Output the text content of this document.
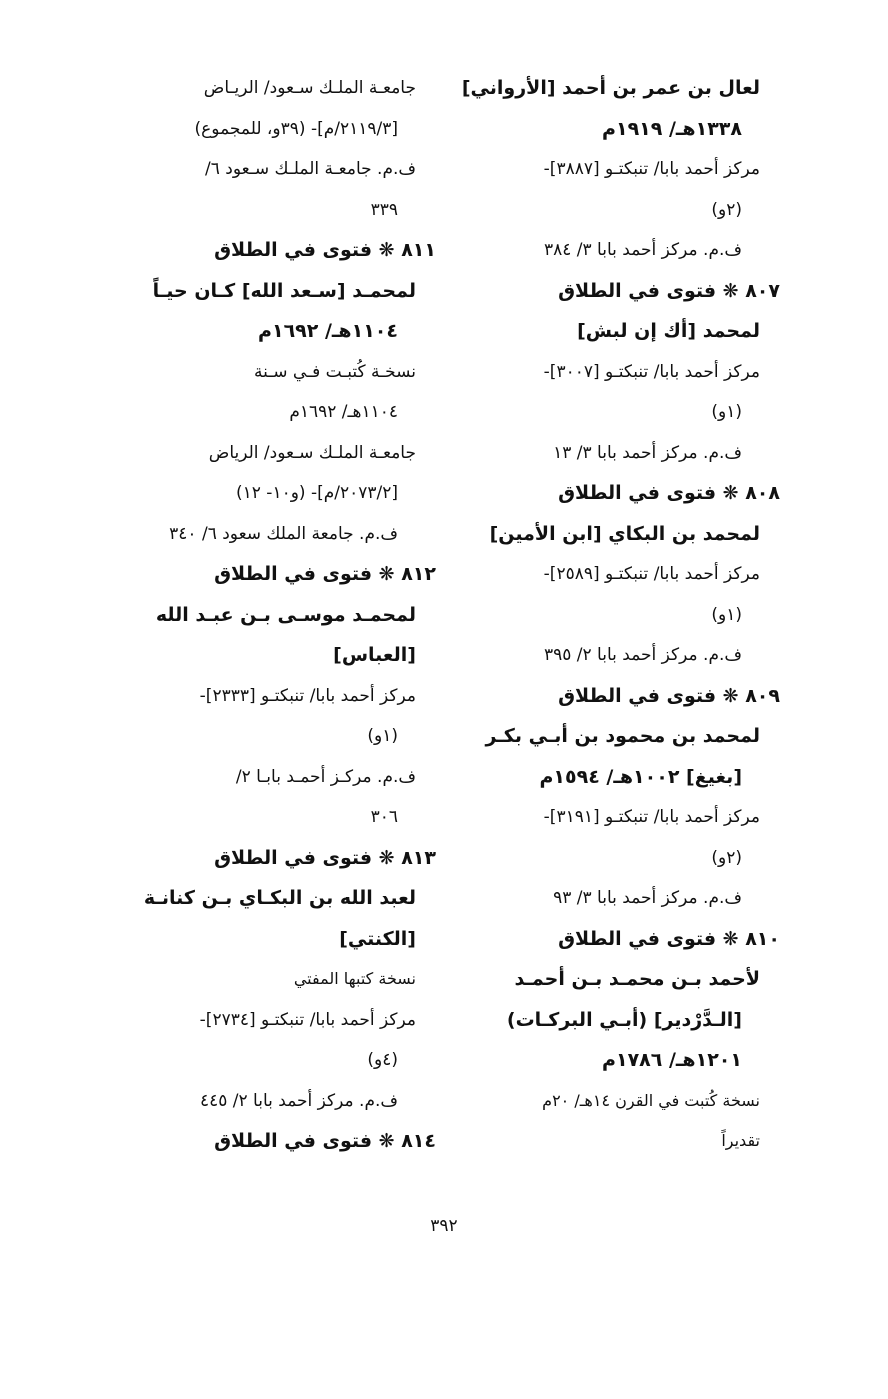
لعال بن عمر بن أحمد [الأرواني]
١٣٣٨هـ/ ١٩١٩م
مركز أحمد بابا/ تنبكتـو [٣٨٨٧]-
(٢و)
ف.م. مركز أحمد بابا ٣/ ٣٨٤
٨٠٧ ❋ فتوى في الطلاق
لمحمد [أك إن لبش]
مركز أحمد بابا/ تنبكتـو [٣٠٠٧]-
(١و)
ف.م. مركز أحمد بابا ٣/ ١٣
٨٠٨ ❋ فتوى في الطلاق
لمحمد بن البكاي [ابن الأمين]
مركز أحمد بابا/ تنبكتـو [٢٥٨٩]-
(١و)
ف.م. مركز أحمد بابا ٢/ ٣٩٥
٨٠٩ ❋ فتوى في الطلاق
لمحمد بن محمود بن أبـي بكـر
[بغيغ] ١٠٠٢هـ/ ١٥٩٤م
مركز أحمد بابا/ تنبكتـو [٣١٩١]-
(٢و)
ف.م. مركز أحمد بابا ٣/ ٩٣
٨١٠ ❋ فتوى في الطلاق
لأحمد بـن محمـد بـن أحمـد
[الـدَّرْدير] (أبـي البركـات)
١٢٠١هـ/ ١٧٨٦م
نسخة كُتبت في القرن ١٤هـ/ ٢٠م
تقديراً
جامعـة الملـك سـعود/ الريـاض
[٢١١٩/٣/م]- (٣٩و، للمجموع)
ف.م. جامعـة الملـك سـعود ٦/
٣٣٩
٨١١ ❋ فتوى في الطلاق
لمحمـد [سـعد الله] كـان حيـاً
١١٠٤هـ/ ١٦٩٢م
نسخـة كُتبـت فـي سـنة
١١٠٤هـ/ ١٦٩٢م
جامعـة الملـك سـعود/ الرياض
[٢٠٧٣/٢/م]- (و١٠- ١٢)
ف.م. جامعة الملك سعود ٦/ ٣٤٠
٨١٢ ❋ فتوى في الطلاق
لمحمـد موسـى بـن عبـد الله
[العباس]
مركز أحمد بابا/ تنبكتـو [٢٣٣٣]-
(١و)
ف.م. مركـز أحمـد بابـا ٢/
٣٠٦
٨١٣ ❋ فتوى في الطلاق
لعبد الله بن البكـاي بـن كنانـة
[الكنتي]
نسخة كتبها المفتي
مركز أحمد بابا/ تنبكتـو [٢٧٣٤]-
(٤و)
ف.م. مركز أحمد بابا ٢/ ٤٤٥
٨١٤ ❋ فتوى في الطلاق
٣٩٢
